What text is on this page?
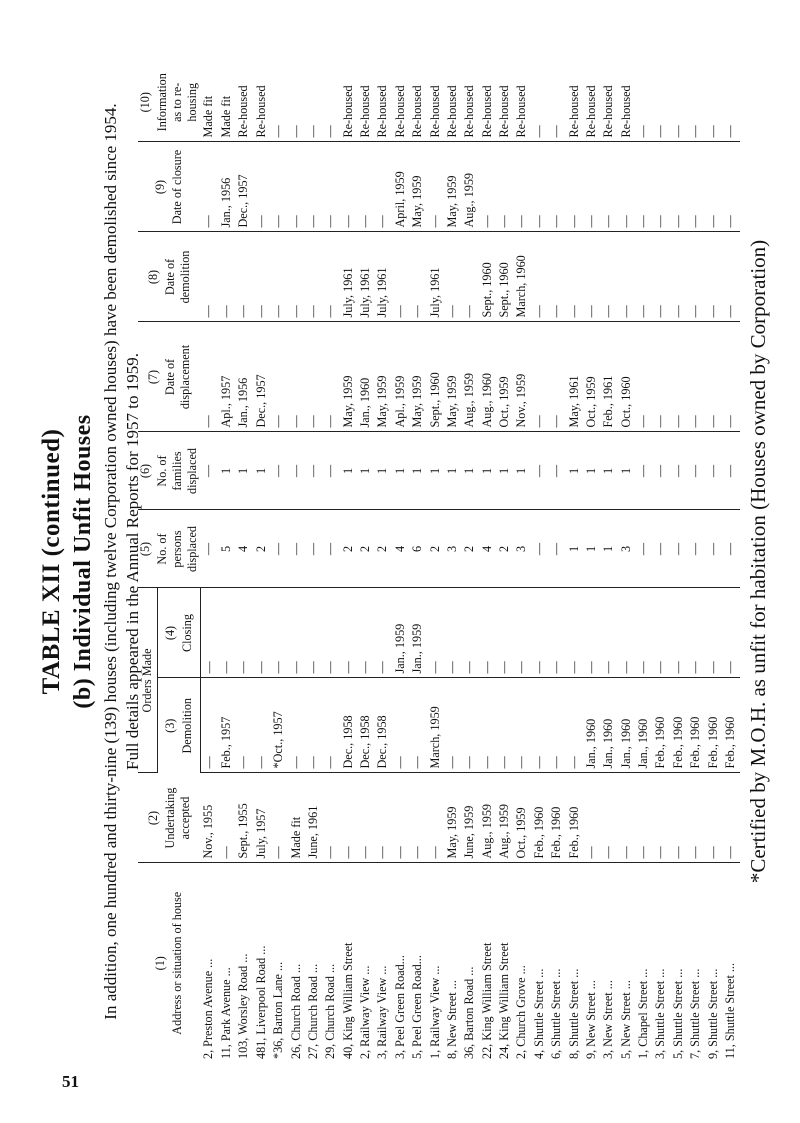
TABLE XII (continued) (b) Individual Unfit Houses In addition, one hundred and thirty-nine (139) houses (including twelve Corporation owned houses) have been demolished since 1954. Full details appeared in the Annual Reports for 1957 to 1959.
(1) Address or situation of house	(2) Undertaking accepted	Orders Made		(5) No. of persons displaced	(6) No. of families displaced	(7) Date of displacement	(8) Date of demolition	(9) Date of closure	(10) Information as to re-housing

		(3) Demolition	(4) Closing						
2, Preston Avenue ...	Nov., 1955	—	—	—	—	—	—	—	Made fit
11, Park Avenue ...	—	Feb., 1957	—	5	1	Apl., 1957	—	Jan., 1956	Made fit
103, Worsley Road ...	Sept., 1955	—	—	4	1	Jan., 1956	—	Dec., 1957	Re-housed
481, Liverpool Road ...	July, 1957	—	—	2	1	Dec., 1957	—	—	Re-housed
*36, Barton Lane ...	—	*Oct., 1957	—	—	—	—	—	—	—
26, Church Road ...	Made fit	—	—	—	—	—	—	—	—
27, Church Road ...	June, 1961	—	—	—	—	—	—	—	—
29, Church Road ...	—	—	—	—	—	—	—	—	—
40, King William Street	—	Dec., 1958	—	2	1	May, 1959	July, 1961	—	Re-housed
2, Railway View ...	—	Dec., 1958	—	2	1	Jan., 1960	July, 1961	—	Re-housed
3, Railway View ...	—	Dec., 1958	—	2	1	May, 1959	July, 1961	—	Re-housed
3, Peel Green Road...	—	—	Jan., 1959	4	1	Apl., 1959	—	April, 1959	Re-housed
5, Peel Green Road...	—	—	Jan., 1959	6	1	May, 1959	—	May, 1959	Re-housed
1, Railway View ...	—	March, 1959	—	2	1	Sept., 1960	July, 1961	—	Re-housed
8, New Street ...	May, 1959	—	—	3	1	May, 1959	—	May, 1959	Re-housed
36, Barton Road ...	June, 1959	—	—	2	1	Aug., 1959	—	Aug., 1959	Re-housed
22, King William Street	Aug., 1959	—	—	4	1	Aug., 1960	Sept., 1960	—	Re-housed
24, King William Street	Aug., 1959	—	—	2	1	Oct., 1959	Sept., 1960	—	Re-housed
2, Church Grove ...	Oct., 1959	—	—	3	1	Nov., 1959	March, 1960	—	Re-housed
4, Shuttle Street ...	Feb., 1960	—	—	—	—	—	—	—	—
6, Shuttle Street ...	Feb., 1960	—	—	—	—	—	—	—	—
8, Shuttle Street ...	Feb., 1960	—	—	1	1	May, 1961	—	—	Re-housed
9, New Street ...	—	Jan., 1960	—	1	1	Oct., 1959	—	—	Re-housed
3, New Street ...	—	Jan., 1960	—	1	1	Feb., 1961	—	—	Re-housed
5, New Street ...	—	Jan., 1960	—	3	1	Oct., 1960	—	—	Re-housed
1, Chapel Street ...	—	Jan., 1960	—	—	—	—	—	—	—
3, Shuttle Street ...	—	Feb., 1960	—	—	—	—	—	—	—
5, Shuttle Street ...	—	Feb., 1960	—	—	—	—	—	—	—
7, Shuttle Street ...	—	Feb., 1960	—	—	—	—	—	—	—
9, Shuttle Street ...	—	Feb., 1960	—	—	—	—	—	—	—
11, Shuttle Street ...	—	Feb., 1960	—	—	—	—	—	—	—
*Certified by M.O.H. as unfit for habitation (Houses owned by Corporation)
51
